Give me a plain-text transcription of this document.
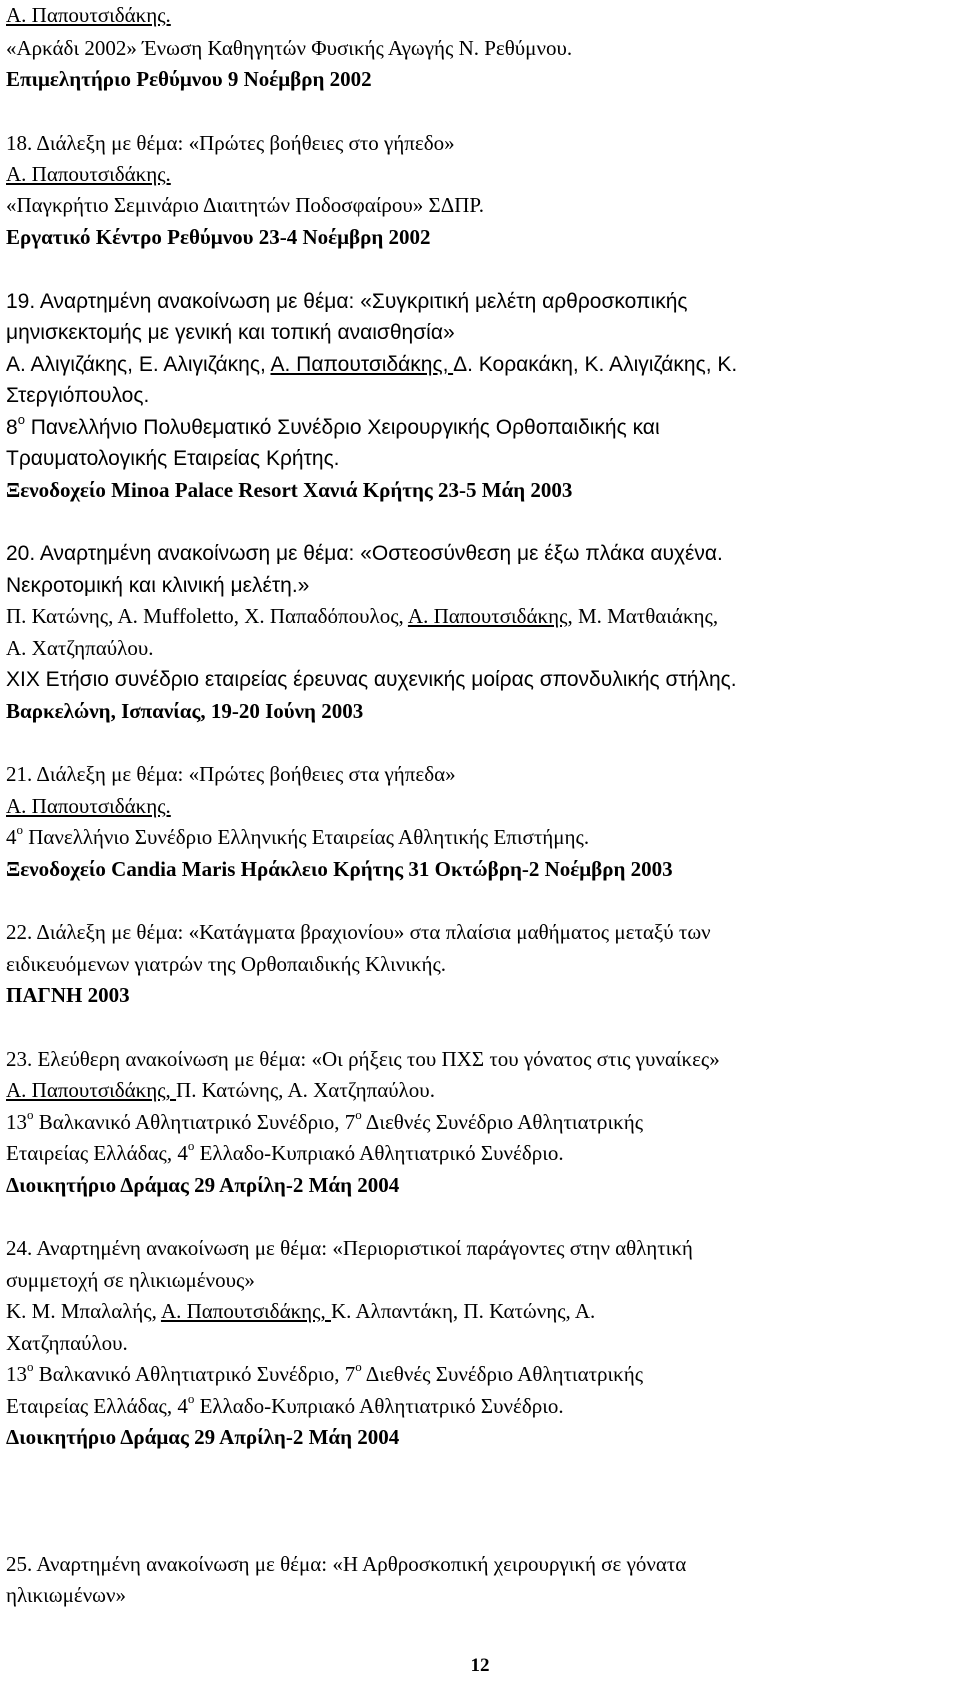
Α. Παπουτσιδάκης.
«Αρκάδι 2002» Ένωση Καθηγητών Φυσικής Αγωγής Ν. Ρεθύμνου.
Επιμελητήριο Ρεθύμνου 9 Νοέμβρη 2002
18. Διάλεξη με θέμα: «Πρώτες βοήθειες στο γήπεδο»
Α. Παπουτσιδάκης.
«Παγκρήτιο Σεμινάριο Διαιτητών Ποδοσφαίρου» ΣΔΠΡ.
Εργατικό Κέντρο Ρεθύμνου 23-4 Νοέμβρη 2002
19. Αναρτημένη ανακοίνωση με θέμα: «Συγκριτική μελέτη αρθροσκοπικής
μηνισκεκτομής με γενική και τοπική αναισθησία»
Α. Αλιγιζάκης, Ε. Αλιγιζάκης, Α. Παπουτσιδάκης, Δ. Κορακάκη, Κ. Αλιγιζάκης, Κ.
Στεργιόπουλος.
$8^o$ Πανελλήνιο Πολυθεματικό Συνέδριο Χειρουργικής Ορθοπαιδικής και
Τραυματολογικής Εταιρείας Κρήτης.
Ξενοδοχείο Minoa Palace Resort Χανιά Κρήτης 23-5 Μάη 2003
20. Αναρτημένη ανακοίνωση με θέμα: «Οστεοσύνθεση με έξω πλάκα αυχένα.
Νεκροτομική και κλινική μελέτη.»
Π. Κατώνης, Α. Muffoletto, Χ. Παπαδόπουλος, Α. Παπουτσιδάκης, Μ. Ματθαιάκης,
Α. Χατζηπαύλου.
XIX Ετήσιο συνέδριο εταιρείας έρευνας αυχενικής μοίρας σπονδυλικής στήλης.
Βαρκελώνη, Ισπανίας, 19-20 Ιούνη 2003
21. Διάλεξη με θέμα: «Πρώτες βοήθειες στα γήπεδα»
Α. Παπουτσιδάκης.
$4^o$ Πανελλήνιο Συνέδριο Ελληνικής Εταιρείας Αθλητικής Επιστήμης.
Ξενοδοχείο Candia Maris Ηράκλειο Κρήτης 31 Οκτώβρη-2 Νοέμβρη 2003
22. Διάλεξη με θέμα: «Κατάγματα βραχιονίου» στα πλαίσια μαθήματος μεταξύ των
ειδικευόμενων γιατρών της Ορθοπαιδικής Κλινικής.
ΠΑΓΝΗ 2003
23. Ελεύθερη ανακοίνωση με θέμα: «Οι ρήξεις του ΠΧΣ του γόνατος στις γυναίκες»
Α. Παπουτσιδάκης, Π. Κατώνης, Α. Χατζηπαύλου.
$13^o$ Βαλκανικό Αθλητιατρικό Συνέδριο, $7^o$ Διεθνές Συνέδριο Αθλητιατρικής
Εταιρείας Ελλάδας, $4^o$ Ελλαδο-Κυπριακό Αθλητιατρικό Συνέδριο.
Διοικητήριο Δράμας 29 Απρίλη-2 Μάη 2004
24. Αναρτημένη ανακοίνωση με θέμα: «Περιοριστικοί παράγοντες στην αθλητική
συμμετοχή σε ηλικιωμένους»
Κ. Μ. Μπαλαλής, Α. Παπουτσιδάκης, Κ. Αλπαντάκη, Π. Κατώνης, Α.
Χατζηπαύλου.
$13^o$ Βαλκανικό Αθλητιατρικό Συνέδριο, $7^o$ Διεθνές Συνέδριο Αθλητιατρικής
Εταιρείας Ελλάδας, $4^o$ Ελλαδο-Κυπριακό Αθλητιατρικό Συνέδριο.
Διοικητήριο Δράμας 29 Απρίλη-2 Μάη 2004
25. Αναρτημένη ανακοίνωση με θέμα: «Η Αρθροσκοπική χειρουργική σε γόνατα
ηλικιωμένων»
12
